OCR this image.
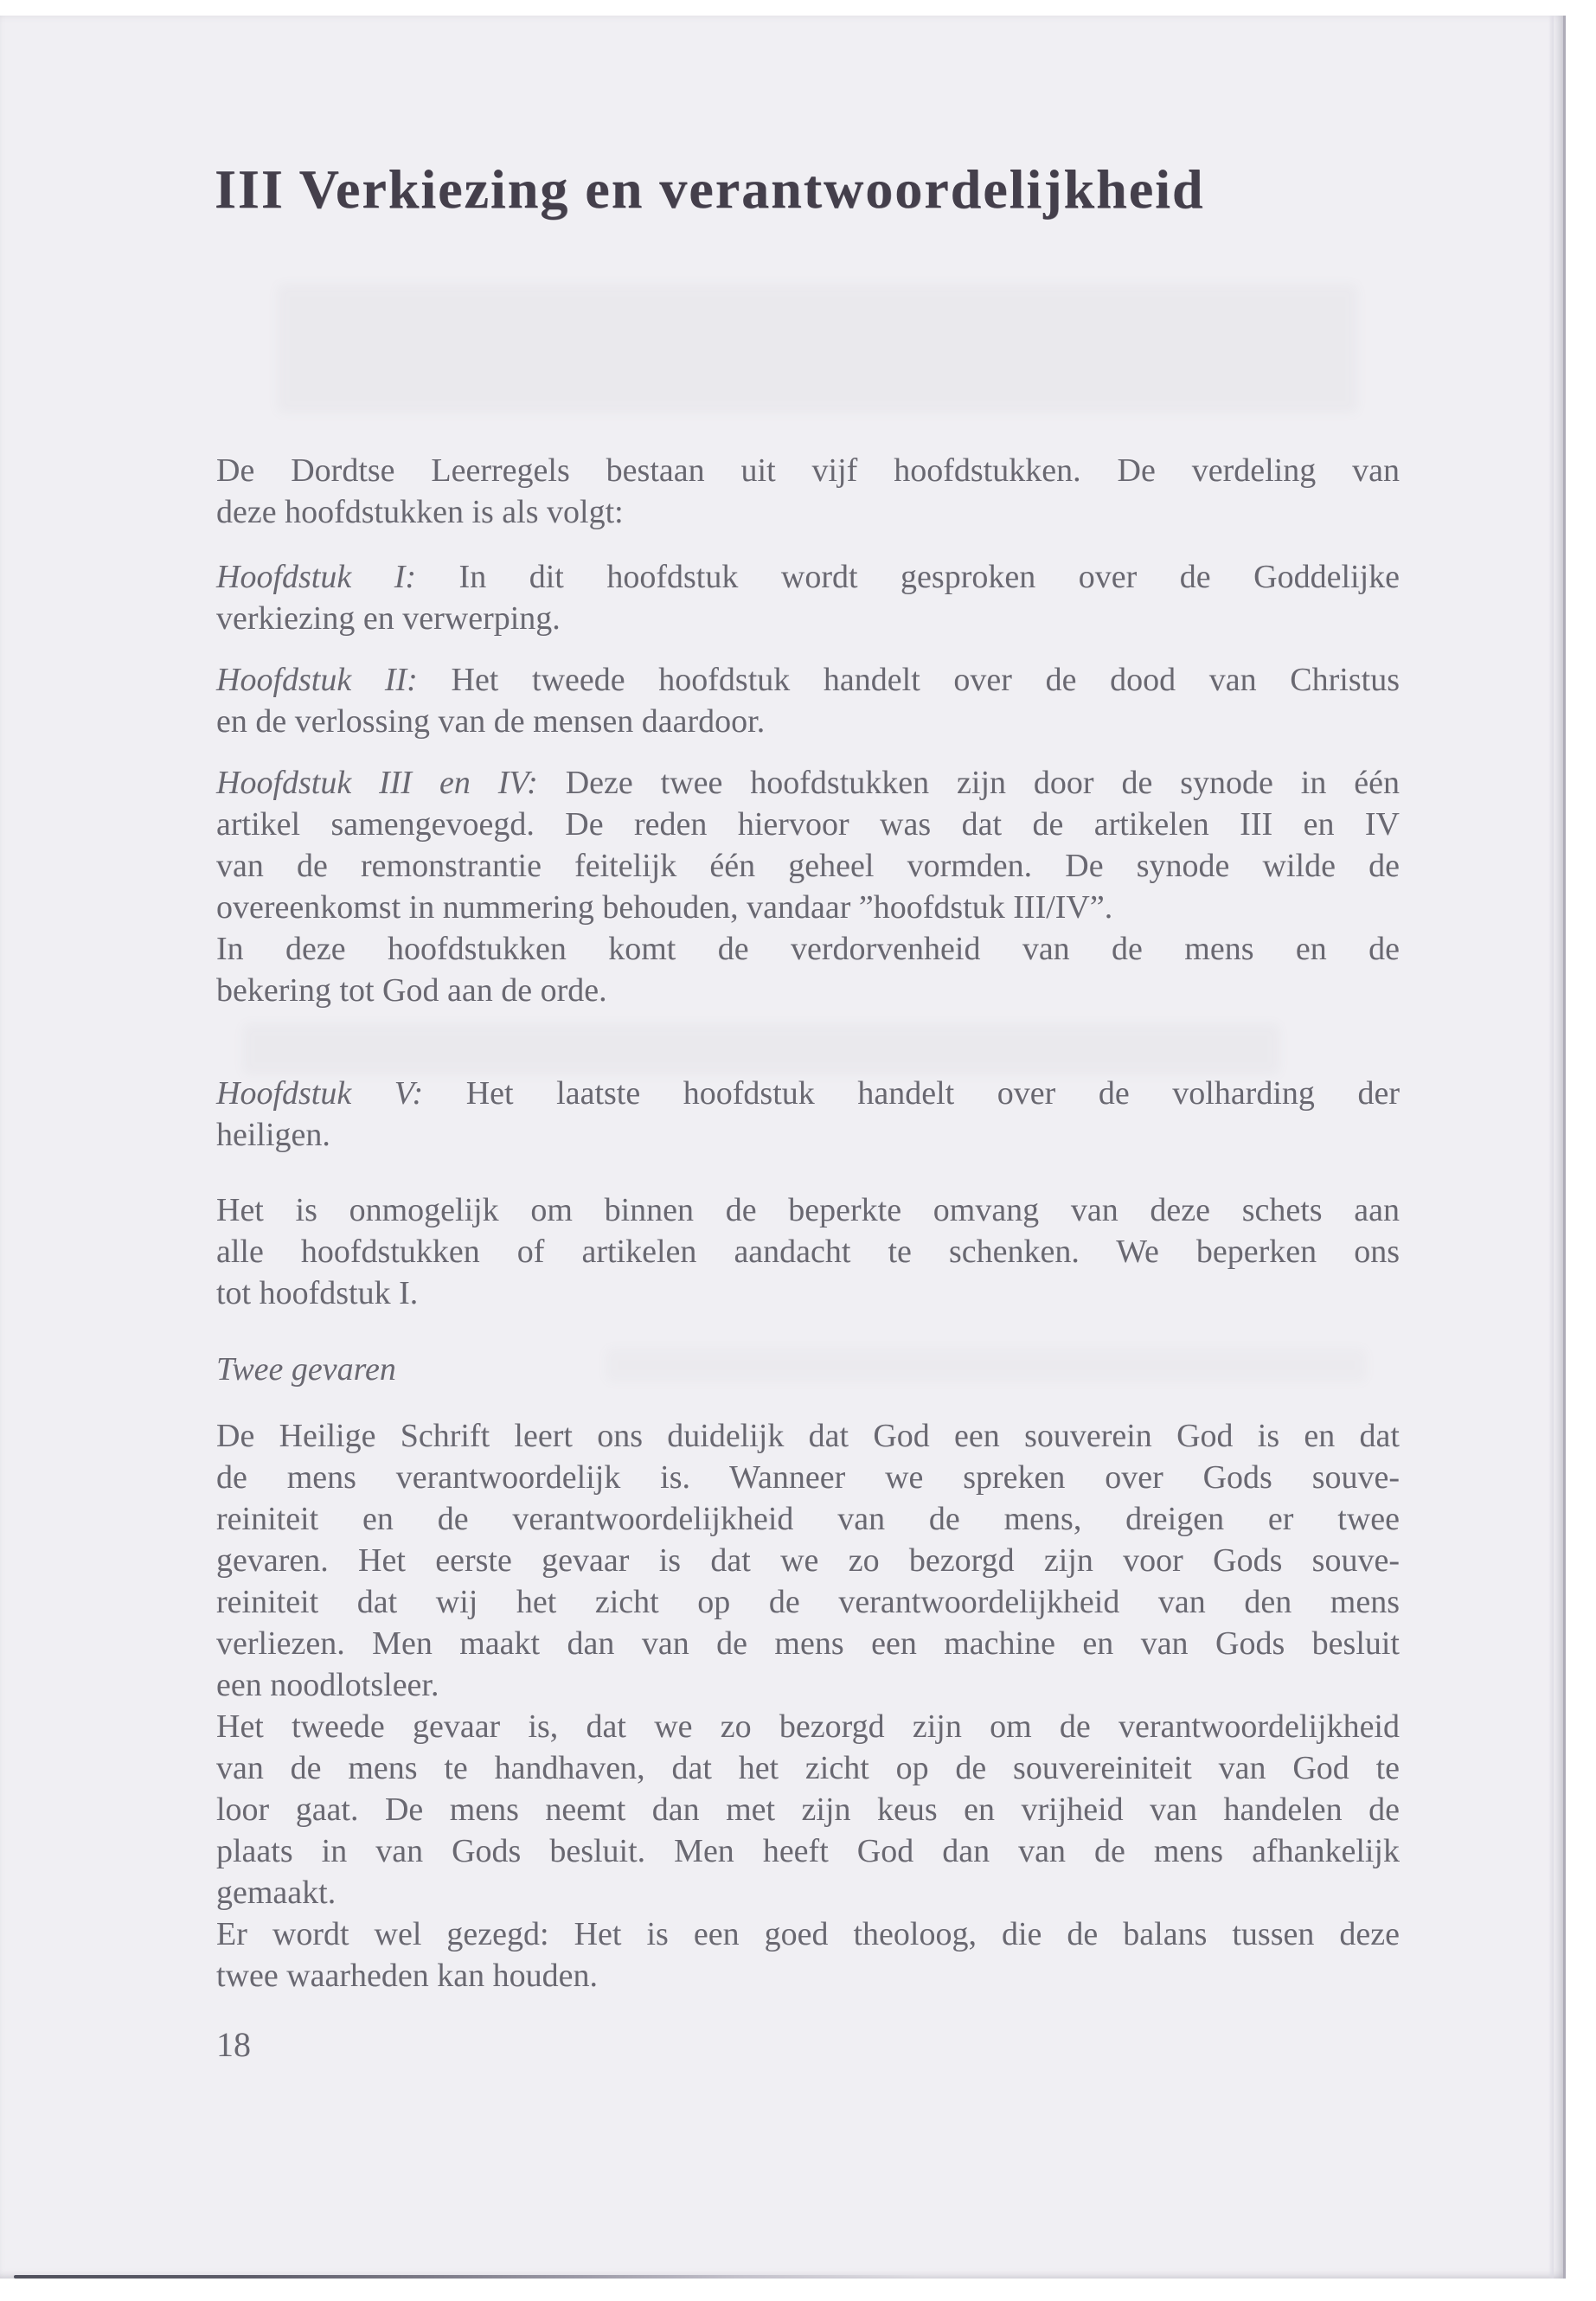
III Verkiezing en verantwoordelijkheid
De Dordtse Leerregels bestaan uit vijf hoofdstukken. De verdeling van
deze hoofdstukken is als volgt:
Hoofdstuk I: In dit hoofdstuk wordt gesproken over de Goddelijke
verkiezing en verwerping.
Hoofdstuk II: Het tweede hoofdstuk handelt over de dood van Christus
en de verlossing van de mensen daardoor.
Hoofdstuk III en IV: Deze twee hoofdstukken zijn door de synode in één
artikel samengevoegd. De reden hiervoor was dat de artikelen III en IV
van de remonstrantie feitelijk één geheel vormden. De synode wilde de
overeenkomst in nummering behouden, vandaar ”hoofdstuk III/IV”.
In deze hoofdstukken komt de verdorvenheid van de mens en de
bekering tot God aan de orde.
Hoofdstuk V: Het laatste hoofdstuk handelt over de volharding der
heiligen.
Het is onmogelijk om binnen de beperkte omvang van deze schets aan
alle hoofdstukken of artikelen aandacht te schenken. We beperken ons
tot hoofdstuk I.
Twee gevaren
De Heilige Schrift leert ons duidelijk dat God een souverein God is en dat
de mens verantwoordelijk is. Wanneer we spreken over Gods souve-
reiniteit en de verantwoordelijkheid van de mens, dreigen er twee
gevaren. Het eerste gevaar is dat we zo bezorgd zijn voor Gods souve-
reiniteit dat wij het zicht op de verantwoordelijkheid van den mens
verliezen. Men maakt dan van de mens een machine en van Gods besluit
een noodlotsleer.
Het tweede gevaar is, dat we zo bezorgd zijn om de verantwoordelijkheid
van de mens te handhaven, dat het zicht op de souvereiniteit van God te
loor gaat. De mens neemt dan met zijn keus en vrijheid van handelen de
plaats in van Gods besluit. Men heeft God dan van de mens afhankelijk
gemaakt.
Er wordt wel gezegd: Het is een goed theoloog, die de balans tussen deze
twee waarheden kan houden.
18
